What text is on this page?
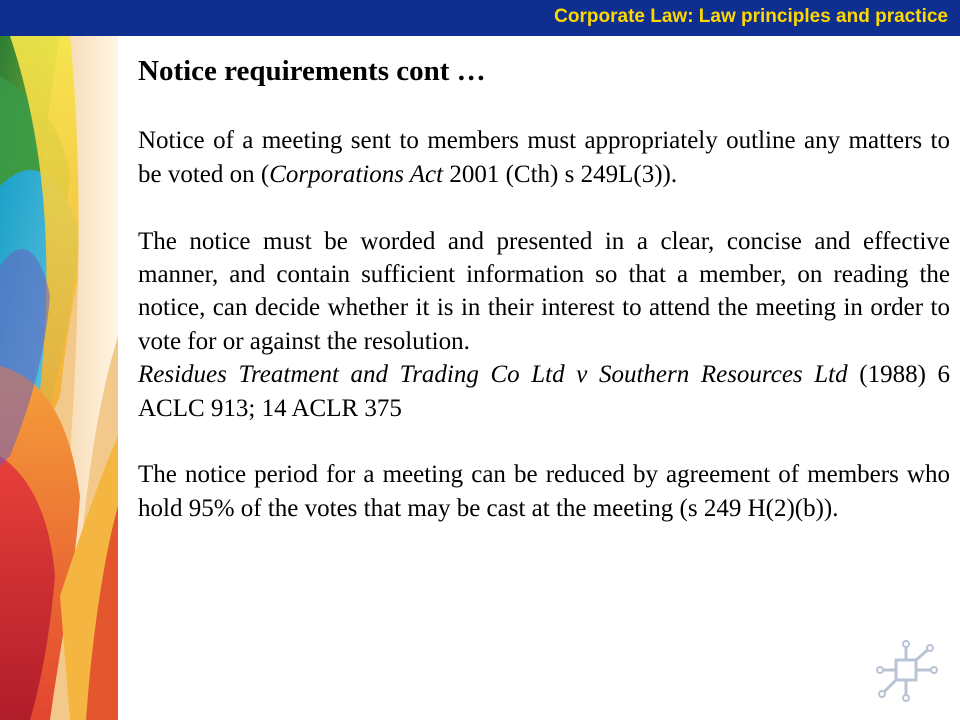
Corporate Law: Law principles and practice

Notice requirements cont …

Notice of a meeting sent to members must appropriately outline any matters to be voted on (Corporations Act 2001 (Cth) s 249L(3)).

The notice must be worded and presented in a clear, concise and effective manner, and contain sufficient information so that a member, on reading the notice, can decide whether it is in their interest to attend the meeting in order to vote for or against the resolution.

Residues Treatment and Trading Co Ltd v Southern Resources Ltd (1988) 6 ACLC 913; 14 ACLR 375

The notice period for a meeting can be reduced by agreement of members who hold 95% of the votes that may be cast at the meeting (s 249 H(2)(b)).
